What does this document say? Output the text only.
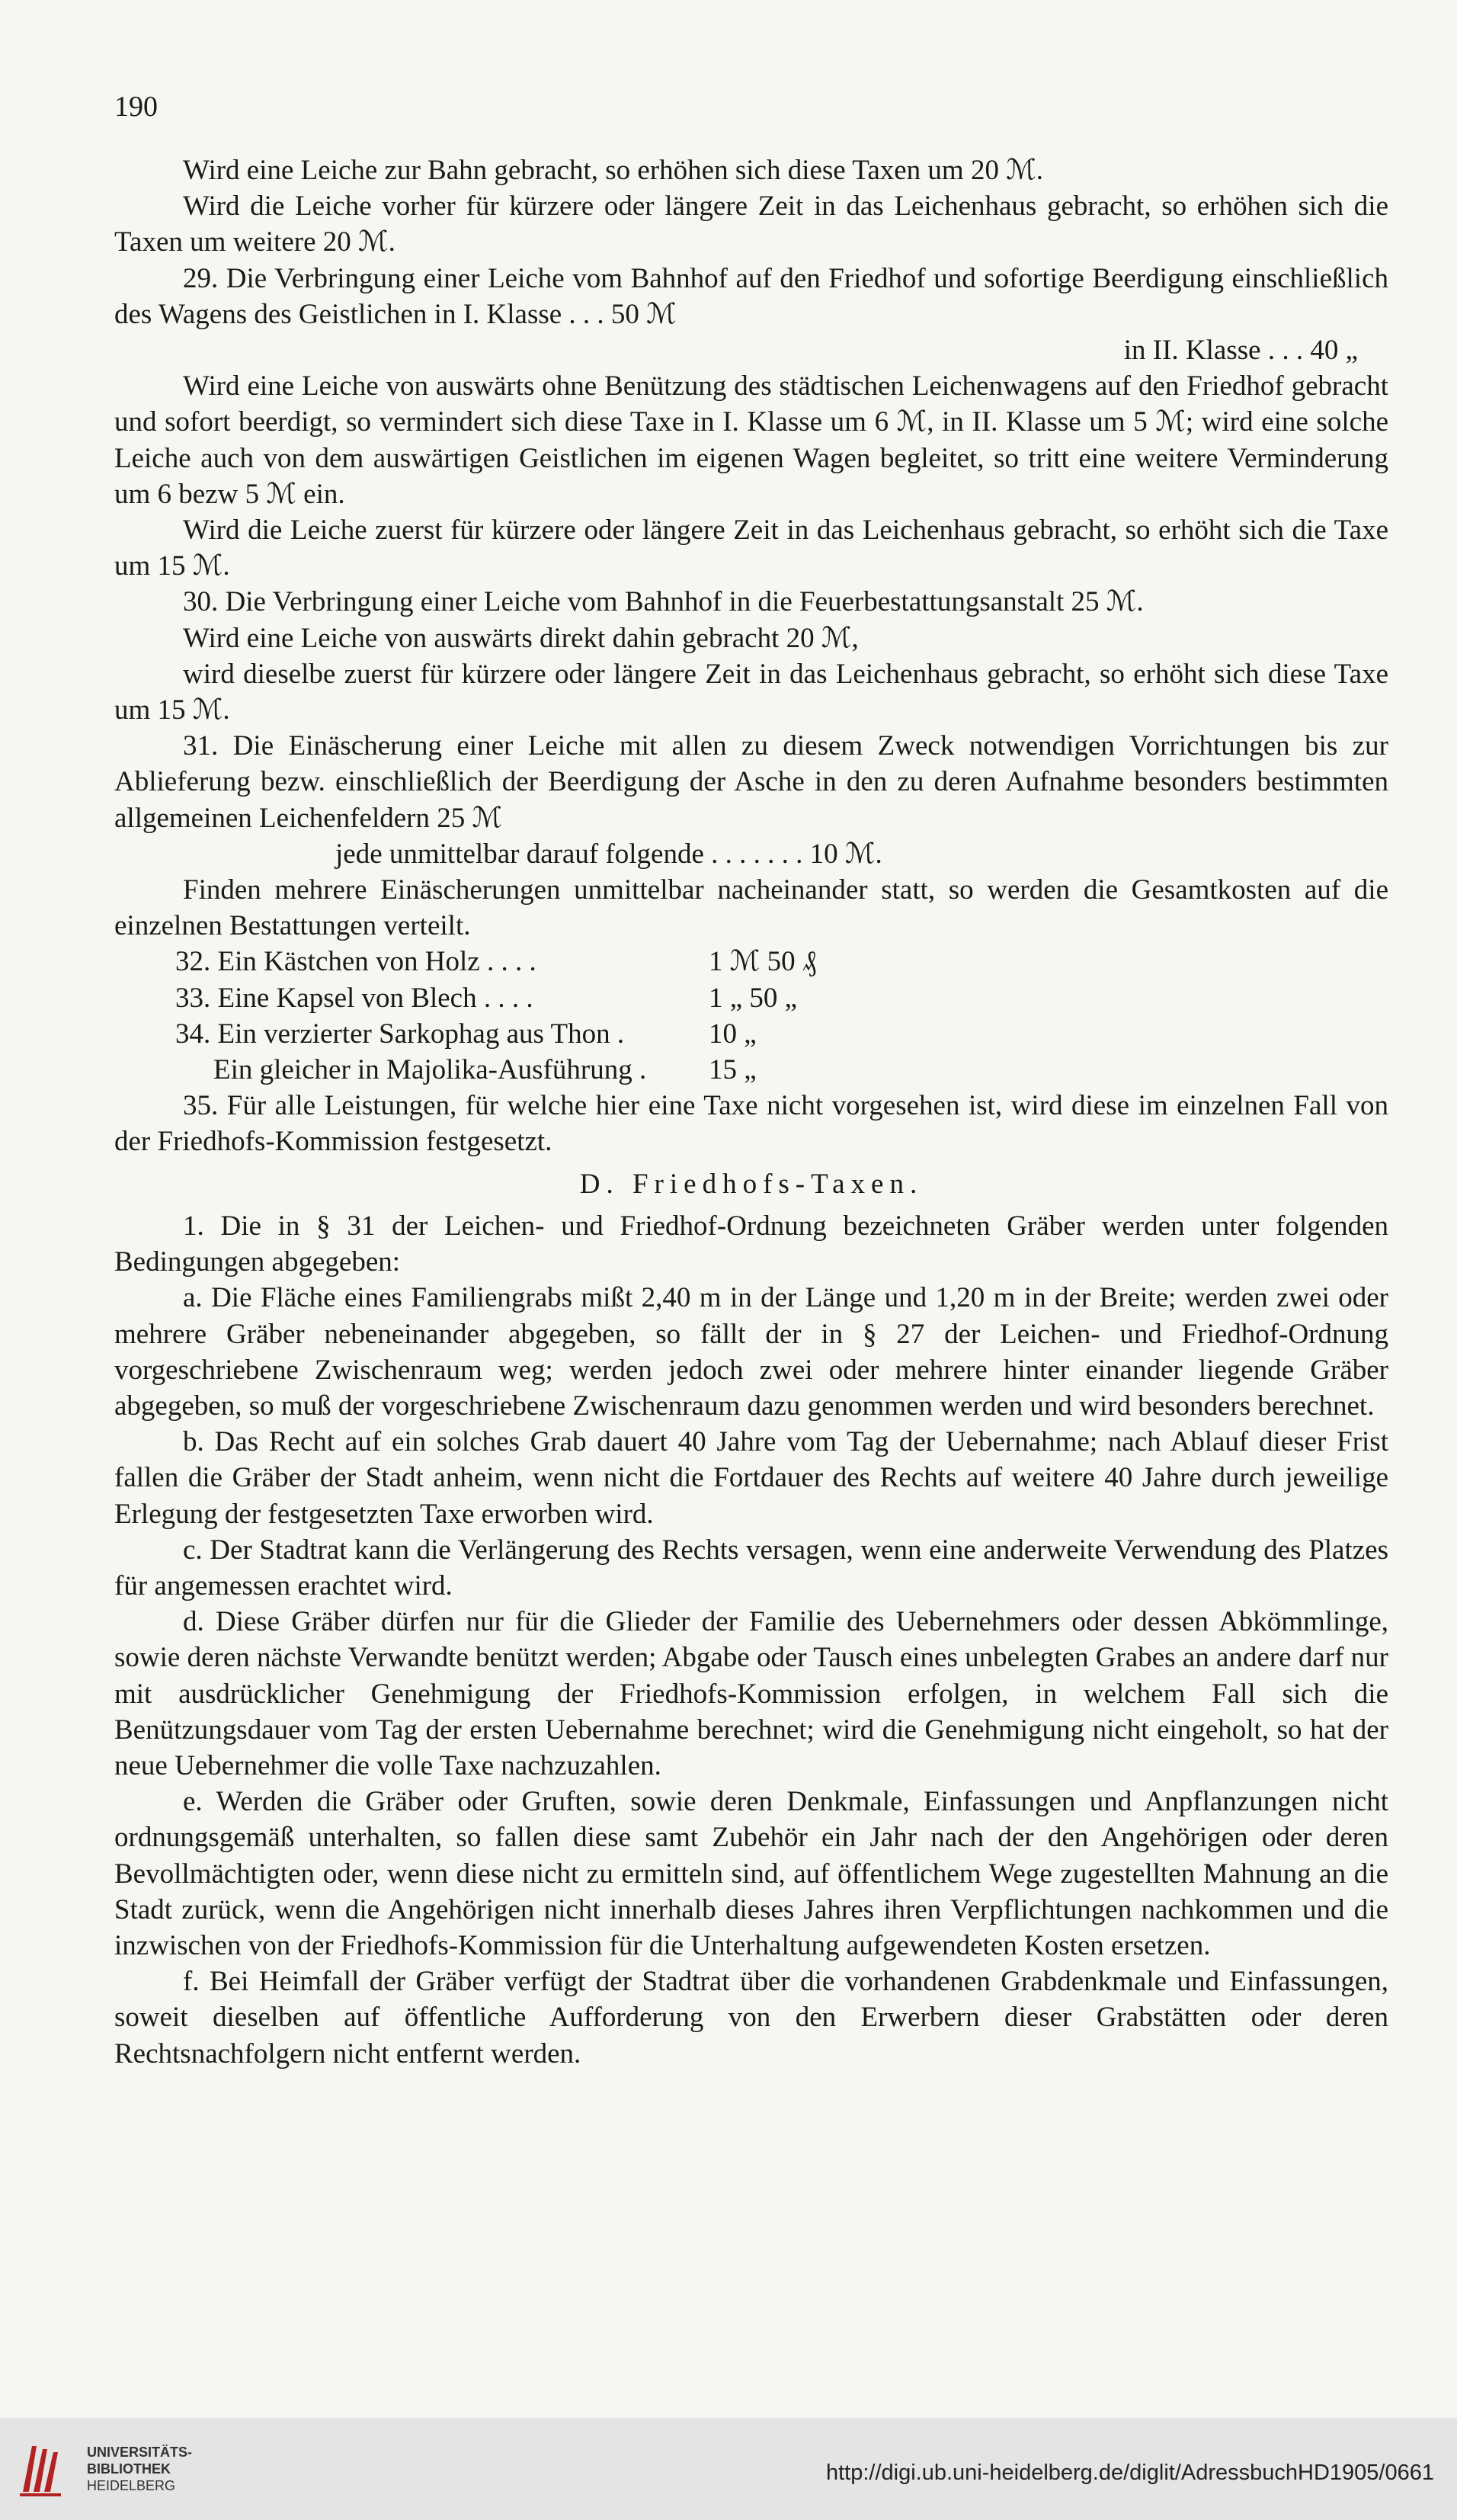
190

Wird eine Leiche zur Bahn gebracht, so erhöhen sich diese Taxen um 20 ℳ.

Wird die Leiche vorher für kürzere oder längere Zeit in das Leichenhaus gebracht, so erhöhen sich die Taxen um weitere 20 ℳ.

29. Die Verbringung einer Leiche vom Bahnhof auf den Friedhof und sofortige Beerdigung einschließlich des Wagens des Geistlichen in I. Klasse . . . 50 ℳ

in II. Klasse . . . 40 „

Wird eine Leiche von auswärts ohne Benützung des städtischen Leichenwagens auf den Friedhof gebracht und sofort beerdigt, so vermindert sich diese Taxe in I. Klasse um 6 ℳ, in II. Klasse um 5 ℳ; wird eine solche Leiche auch von dem auswärtigen Geistlichen im eigenen Wagen begleitet, so tritt eine weitere Verminderung um 6 bezw 5 ℳ ein.

Wird die Leiche zuerst für kürzere oder längere Zeit in das Leichenhaus gebracht, so erhöht sich die Taxe um 15 ℳ.

30. Die Verbringung einer Leiche vom Bahnhof in die Feuerbestattungsanstalt 25 ℳ.

Wird eine Leiche von auswärts direkt dahin gebracht 20 ℳ,

wird dieselbe zuerst für kürzere oder längere Zeit in das Leichenhaus gebracht, so erhöht sich diese Taxe um 15 ℳ.

31. Die Einäscherung einer Leiche mit allen zu diesem Zweck notwendigen Vorrichtungen bis zur Ablieferung bezw. einschließlich der Beerdigung der Asche in den zu deren Aufnahme besonders bestimmten allgemeinen Leichenfeldern 25 ℳ

jede unmittelbar darauf folgende . . . . . . . 10 ℳ.

Finden mehrere Einäscherungen unmittelbar nacheinander statt, so werden die Gesamtkosten auf die einzelnen Bestattungen verteilt.

32. Ein Kästchen von Holz . . . .	1 ℳ 50 ₰
33. Eine Kapsel von Blech . . . .	1 „ 50 „
34. Ein verzierter Sarkophag aus Thon .	10 „
Ein gleicher in Majolika-Ausführung .	15 „

35. Für alle Leistungen, für welche hier eine Taxe nicht vorgesehen ist, wird diese im einzelnen Fall von der Friedhofs-Kommission festgesetzt.

D. Friedhofs-Taxen.

1. Die in § 31 der Leichen- und Friedhof-Ordnung bezeichneten Gräber werden unter folgenden Bedingungen abgegeben:

a. Die Fläche eines Familiengrabs mißt 2,40 m in der Länge und 1,20 m in der Breite; werden zwei oder mehrere Gräber nebeneinander abgegeben, so fällt der in § 27 der Leichen- und Friedhof-Ordnung vorgeschriebene Zwischenraum weg; werden jedoch zwei oder mehrere hinter einander liegende Gräber abgegeben, so muß der vorgeschriebene Zwischenraum dazu genommen werden und wird besonders berechnet.

b. Das Recht auf ein solches Grab dauert 40 Jahre vom Tag der Uebernahme; nach Ablauf dieser Frist fallen die Gräber der Stadt anheim, wenn nicht die Fortdauer des Rechts auf weitere 40 Jahre durch jeweilige Erlegung der festgesetzten Taxe erworben wird.

c. Der Stadtrat kann die Verlängerung des Rechts versagen, wenn eine anderweite Verwendung des Platzes für angemessen erachtet wird.

d. Diese Gräber dürfen nur für die Glieder der Familie des Uebernehmers oder dessen Abkömmlinge, sowie deren nächste Verwandte benützt werden; Abgabe oder Tausch eines unbelegten Grabes an andere darf nur mit ausdrücklicher Genehmigung der Friedhofs-Kommission erfolgen, in welchem Fall sich die Benützungsdauer vom Tag der ersten Uebernahme berechnet; wird die Genehmigung nicht eingeholt, so hat der neue Uebernehmer die volle Taxe nachzuzahlen.

e. Werden die Gräber oder Gruften, sowie deren Denkmale, Einfassungen und Anpflanzungen nicht ordnungsgemäß unterhalten, so fallen diese samt Zubehör ein Jahr nach der den Angehörigen oder deren Bevollmächtigten oder, wenn diese nicht zu ermitteln sind, auf öffentlichem Wege zugestellten Mahnung an die Stadt zurück, wenn die Angehörigen nicht innerhalb dieses Jahres ihren Verpflichtungen nachkommen und die inzwischen von der Friedhofs-Kommission für die Unterhaltung aufgewendeten Kosten ersetzen.

f. Bei Heimfall der Gräber verfügt der Stadtrat über die vorhandenen Grabdenkmale und Einfassungen, soweit dieselben auf öffentliche Aufforderung von den Erwerbern dieser Grabstätten oder deren Rechtsnachfolgern nicht entfernt werden.

UNIVERSITÄTS-
BIBLIOTHEK
HEIDELBERG
http://digi.ub.uni-heidelberg.de/diglit/AdressbuchHD1905/0661
